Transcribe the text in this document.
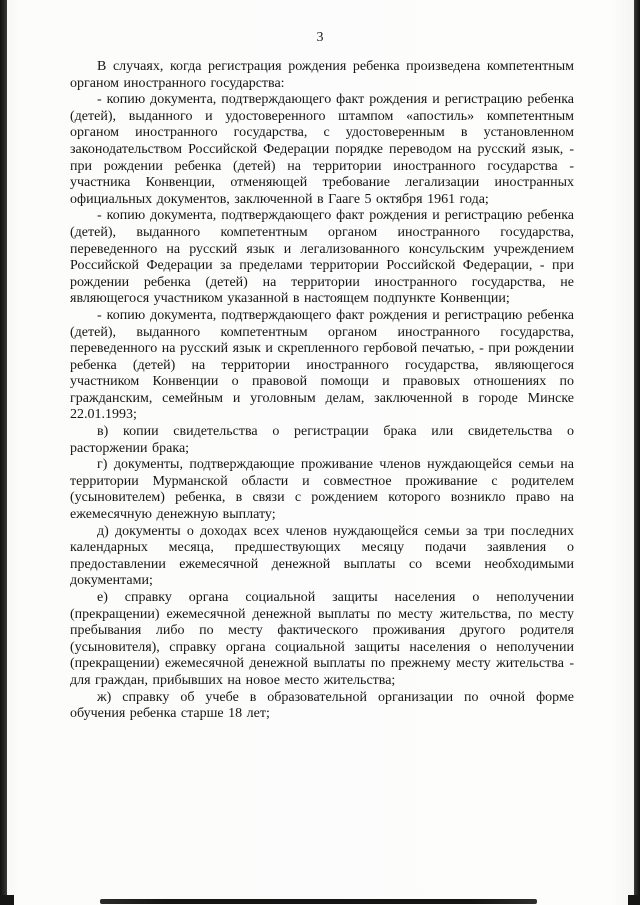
3

В случаях, когда регистрация рождения ребенка произведена компетентным органом иностранного государства:

- копию документа, подтверждающего факт рождения и регистрацию ребенка (детей), выданного и удостоверенного штампом «апостиль» компетентным органом иностранного государства, с удостоверенным в установленном законодательством Российской Федерации порядке переводом на русский язык, - при рождении ребенка (детей) на территории иностранного государства - участника Конвенции, отменяющей требование легализации иностранных официальных документов, заключенной в Гааге 5 октября 1961 года;

- копию документа, подтверждающего факт рождения и регистрацию ребенка (детей), выданного компетентным органом иностранного государства, переведенного на русский язык и легализованного консульским учреждением Российской Федерации за пределами территории Российской Федерации, - при рождении ребенка (детей) на территории иностранного государства, не являющегося участником указанной в настоящем подпункте Конвенции;

- копию документа, подтверждающего факт рождения и регистрацию ребенка (детей), выданного компетентным органом иностранного государства, переведенного на русский язык и скрепленного гербовой печатью, - при рождении ребенка (детей) на территории иностранного государства, являющегося участником Конвенции о правовой помощи и правовых отношениях по гражданским, семейным и уголовным делам, заключенной в городе Минске 22.01.1993;

в) копии свидетельства о регистрации брака или свидетельства о расторжении брака;

г) документы, подтверждающие проживание членов нуждающейся семьи на территории Мурманской области и совместное проживание с родителем (усыновителем) ребенка, в связи с рождением которого возникло право на ежемесячную денежную выплату;

д) документы о доходах всех членов нуждающейся семьи за три последних календарных месяца, предшествующих месяцу подачи заявления о предоставлении ежемесячной денежной выплаты со всеми необходимыми документами;

е) справку органа социальной защиты населения о неполучении (прекращении) ежемесячной денежной выплаты по месту жительства, по месту пребывания либо по месту фактического проживания другого родителя (усыновителя), справку органа социальной защиты населения о неполучении (прекращении) ежемесячной денежной выплаты по прежнему месту жительства - для граждан, прибывших на новое место жительства;

ж) справку об учебе в образовательной организации по очной форме обучения ребенка старше 18 лет;
